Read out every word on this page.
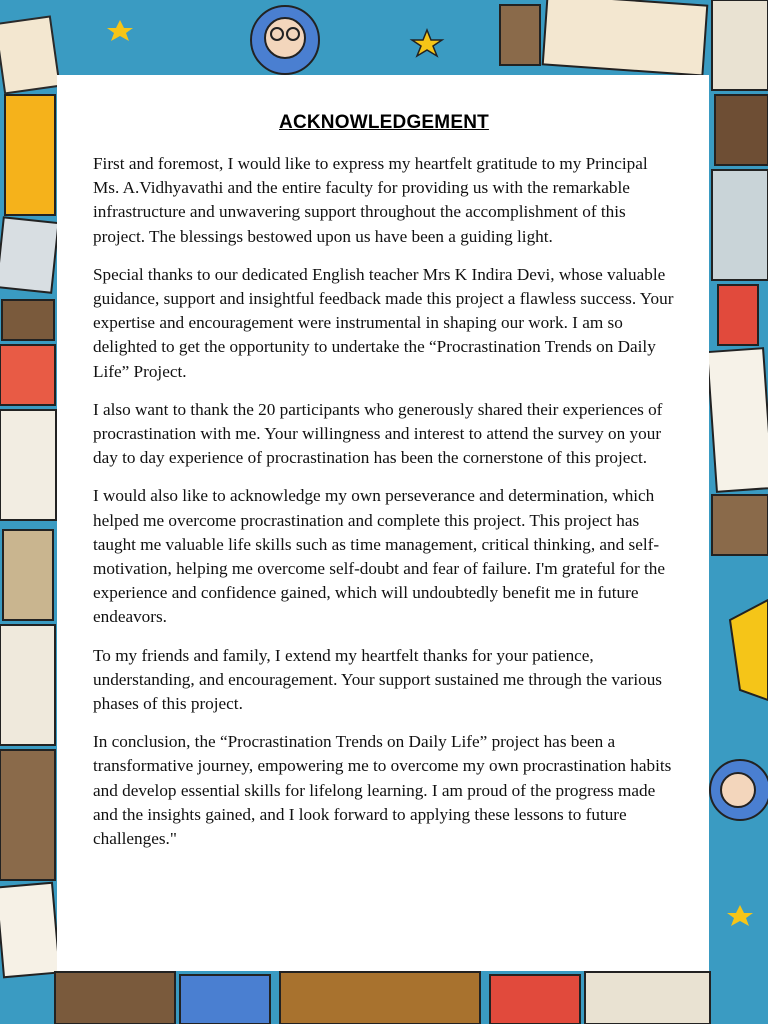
ACKNOWLEDGEMENT

First and foremost, I would like to express my heartfelt gratitude to my Principal Ms. A.Vidhyavathi and the entire faculty for providing us with the remarkable infrastructure and unwavering support throughout the accomplishment of this project. The blessings bestowed upon us have been a guiding light.

Special thanks to our dedicated English teacher Mrs K Indira Devi, whose valuable guidance, support and insightful feedback made this project a flawless success. Your expertise and encouragement were instrumental in shaping our work. I am so delighted to get the opportunity to undertake the “Procrastination Trends on Daily Life” Project.

I also want to thank the 20 participants who generously shared their experiences of procrastination with me. Your willingness and interest to attend the survey on your day to day experience of procrastination has been the cornerstone of this project.

I would also like to acknowledge my own perseverance and determination, which helped me overcome procrastination and complete this project. This project has taught me valuable life skills such as time management, critical thinking, and self-motivation, helping me overcome self-doubt and fear of failure. I'm grateful for the experience and confidence gained, which will undoubtedly benefit me in future endeavors.

To my friends and family, I extend my heartfelt thanks for your patience, understanding, and encouragement. Your support sustained me through the various phases of this project.

In conclusion, the “Procrastination Trends on Daily Life” project has been a transformative journey, empowering me to overcome my own procrastination habits and develop essential skills for lifelong learning. I am proud of the progress made and the insights gained, and I look forward to applying these lessons to future challenges."
